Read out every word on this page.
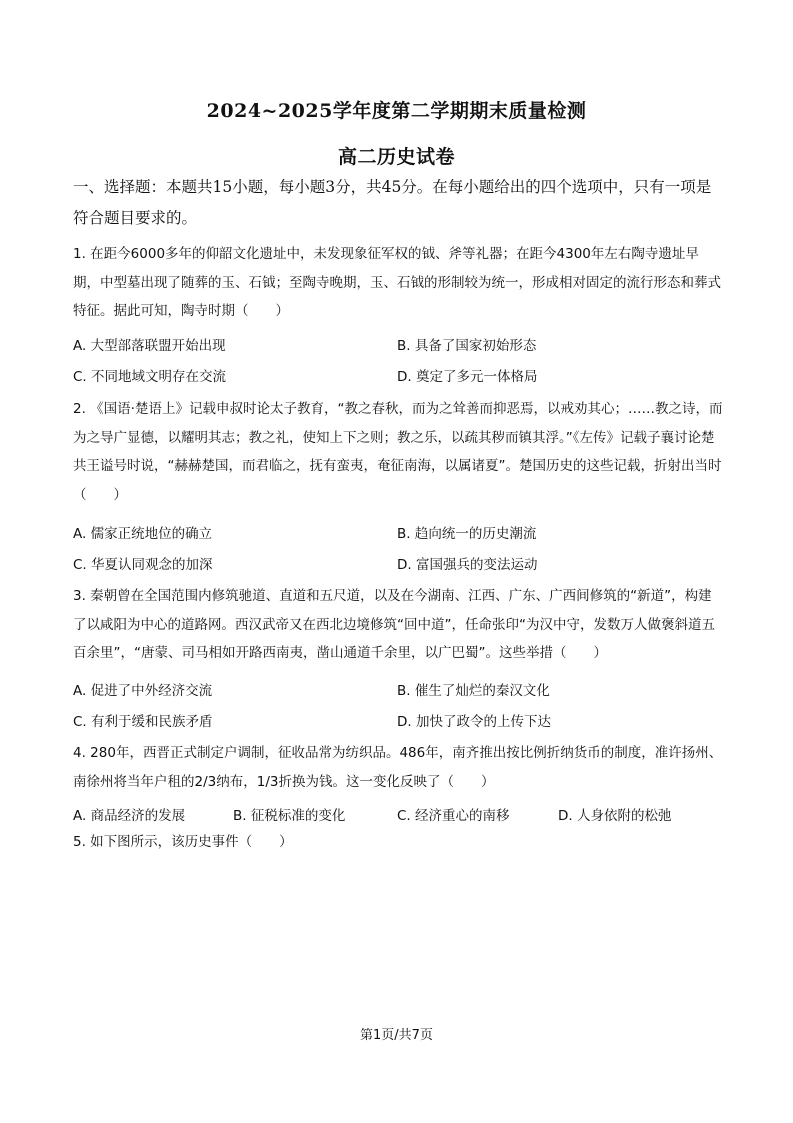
2024~2025学年度第二学期期末质量检测
高二历史试卷
一、选择题：本题共15小题，每小题3分，共45分。在每小题给出的四个选项中，只有一项是符合题目要求的。
1. 在距今6000多年的仰韶文化遗址中，未发现象征军权的钺、斧等礼器；在距今4300年左右陶寺遗址早期，中型墓出现了随葬的玉、石钺；至陶寺晚期，玉、石钺的形制较为统一，形成相对固定的流行形态和葬式特征。据此可知，陶寺时期（　　）
A. 大型部落联盟开始出现	B. 具备了国家初始形态
C. 不同地域文明存在交流	D. 奠定了多元一体格局
2. 《国语·楚语上》记载申叔时论太子教育，“教之春秋，而为之耸善而抑恶焉，以戒劝其心；……教之诗，而为之导广显德，以耀明其志；教之礼，使知上下之则；教之乐，以疏其秽而镇其浮。”《左传》记载子襄讨论楚共王谥号时说，“赫赫楚国，而君临之，抚有蛮夷，奄征南海，以属诸夏”。楚国历史的这些记载，折射出当时（　　）
A. 儒家正统地位的确立	B. 趋向统一的历史潮流
C. 华夏认同观念的加深	D. 富国强兵的变法运动
3. 秦朝曾在全国范围内修筑驰道、直道和五尺道，以及在今湖南、江西、广东、广西间修筑的“新道”，构建了以咸阳为中心的道路网。西汉武帝又在西北边境修筑“回中道”，任命张印“为汉中守，发数万人做褒斜道五百余里”，“唐蒙、司马相如开路西南夷，凿山通道千余里，以广巴蜀”。这些举措（　　）
A. 促进了中外经济交流	B. 催生了灿烂的秦汉文化
C. 有利于缓和民族矛盾	D. 加快了政令的上传下达
4. 280年，西晋正式制定户调制，征收品常为纺织品。486年，南齐推出按比例折纳货币的制度，准许扬州、南徐州将当年户租的2/3纳布，1/3折换为钱。这一变化反映了（　　）
A. 商品经济的发展	B. 征税标准的变化	C. 经济重心的南移	D. 人身依附的松弛
5. 如下图所示，该历史事件（　　）
第1页/共7页
